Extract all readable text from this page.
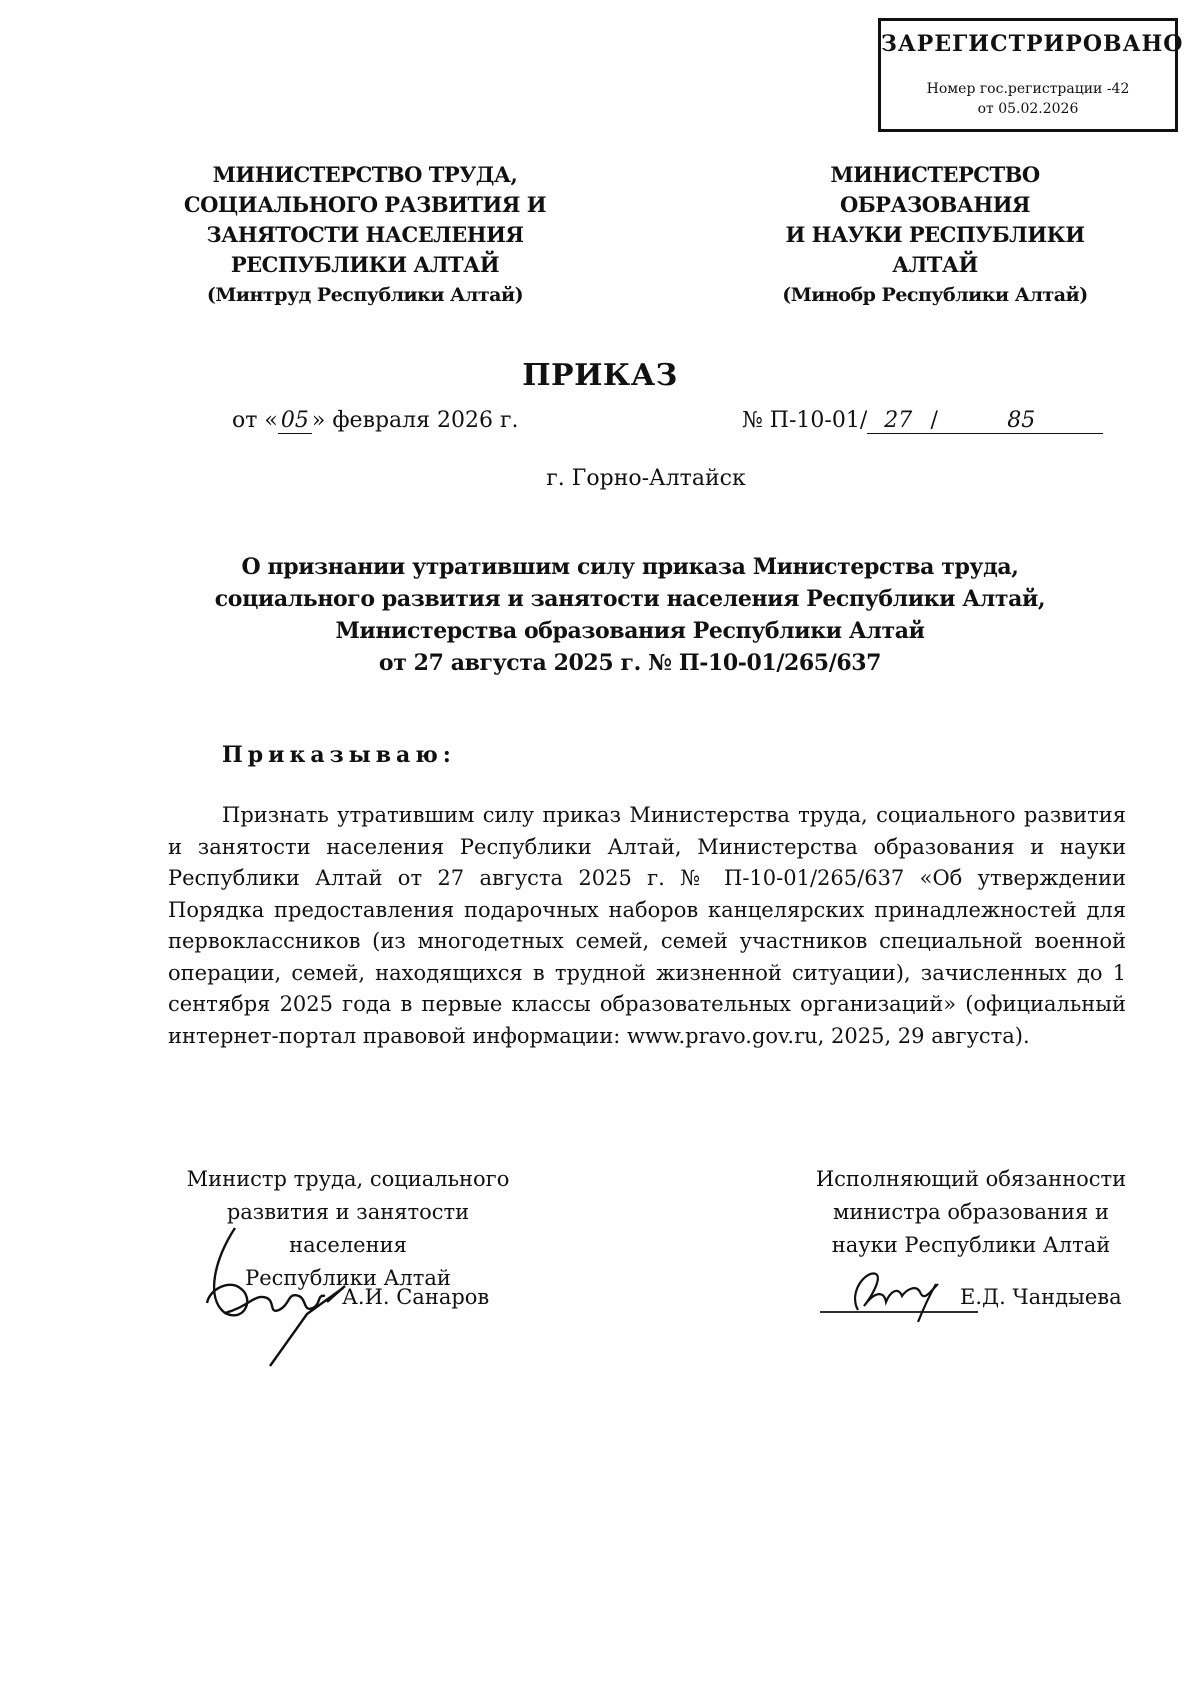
ЗАРЕГИСТРИРОВАНО
Номер гос.регистрации -42
от 05.02.2026
МИНИСТЕРСТВО ТРУДА,
СОЦИАЛЬНОГО РАЗВИТИЯ И
ЗАНЯТОСТИ НАСЕЛЕНИЯ
РЕСПУБЛИКИ АЛТАЙ
(Минтруд Республики Алтай)
МИНИСТЕРСТВО ОБРАЗОВАНИЯ
И НАУКИ РЕСПУБЛИКИ АЛТАЙ
(Минобр Республики Алтай)
ПРИКАЗ
от « 05 » февраля 2026 г.	№ П-10-01/ 27 /	85
г. Горно-Алтайск
О признании утратившим силу приказа Министерства труда,
социального развития и занятости населения Республики Алтай,
Министерства образования Республики Алтай
от 27 августа 2025 г. № П-10-01/265/637
Приказываю:
Признать утратившим силу приказ Министерства труда, социального развития и занятости населения Республики Алтай, Министерства образования и науки Республики Алтай от 27 августа 2025 г. № П-10-01/265/637 «Об утверждении Порядка предоставления подарочных наборов канцелярских принадлежностей для первоклассников (из многодетных семей, семей участников специальной военной операции, семей, находящихся в трудной жизненной ситуации), зачисленных до 1 сентября 2025 года в первые классы образовательных организаций» (официальный интернет-портал правовой информации: www.pravo.gov.ru, 2025, 29 августа).
Министр труда, социального
развития и занятости населения
Республики Алтай
А.И. Санаров
Исполняющий обязанности
министра образования и
науки Республики Алтай
Е.Д. Чандыева
